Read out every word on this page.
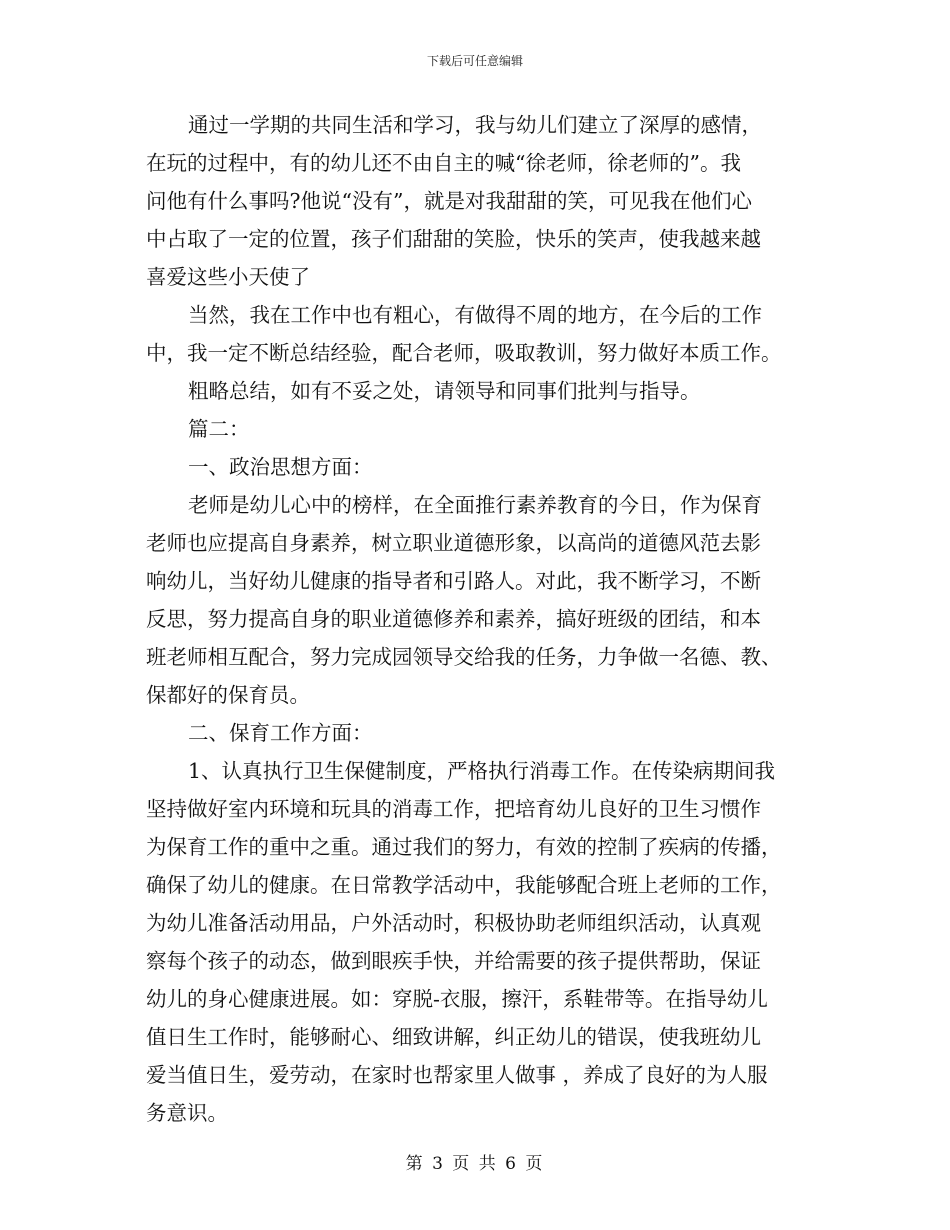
下载后可任意编辑
通过一学期的共同生活和学习，我与幼儿们建立了深厚的感情，
在玩的过程中，有的幼儿还不由自主的喊“徐老师，徐老师的”。我
问他有什么事吗?他说“没有”，就是对我甜甜的笑，可见我在他们心
中占取了一定的位置，孩子们甜甜的笑脸，快乐的笑声，使我越来越
喜爱这些小天使了
当然，我在工作中也有粗心，有做得不周的地方，在今后的工作
中，我一定不断总结经验，配合老师，吸取教训，努力做好本质工作。
粗略总结，如有不妥之处，请领导和同事们批判与指导。
篇二：
一、政治思想方面：
老师是幼儿心中的榜样，在全面推行素养教育的今日，作为保育
老师也应提高自身素养，树立职业道德形象，以高尚的道德风范去影
响幼儿，当好幼儿健康的指导者和引路人。对此，我不断学习，不断
反思，努力提高自身的职业道德修养和素养，搞好班级的团结，和本
班老师相互配合，努力完成园领导交给我的任务，力争做一名德、教、
保都好的保育员。
二、保育工作方面：
1、认真执行卫生保健制度，严格执行消毒工作。在传染病期间我
坚持做好室内环境和玩具的消毒工作，把培育幼儿良好的卫生习惯作
为保育工作的重中之重。通过我们的努力，有效的控制了疾病的传播，
确保了幼儿的健康。在日常教学活动中，我能够配合班上老师的工作，
为幼儿准备活动用品，户外活动时，积极协助老师组织活动，认真观
察每个孩子的动态，做到眼疾手快，并给需要的孩子提供帮助，保证
幼儿的身心健康进展。如：穿脱-衣服，擦汗，系鞋带等。在指导幼儿
值日生工作时，能够耐心、细致讲解，纠正幼儿的错误，使我班幼儿
爱当值日生，爱劳动，在家时也帮家里人做事 ，养成了良好的为人服
务意识。
第 3 页 共 6 页
